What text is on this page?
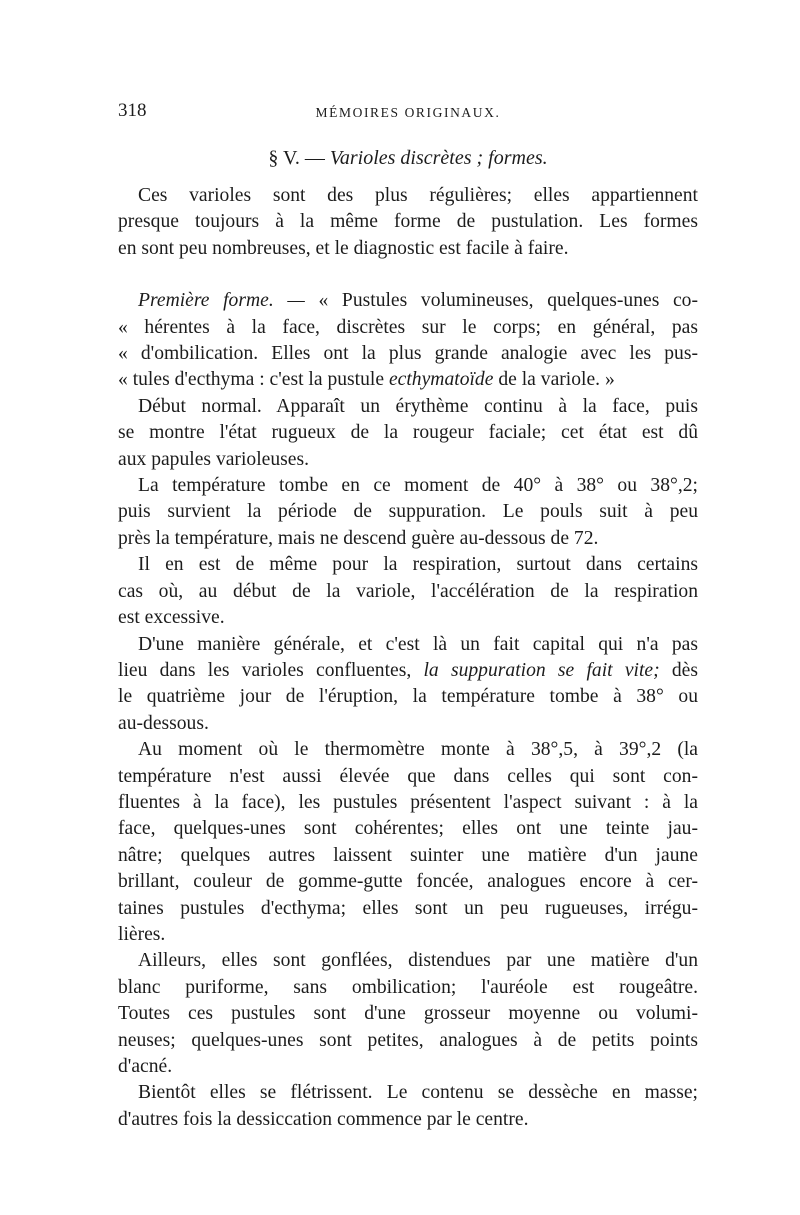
318	MÉMOIRES ORIGINAUX.
§ V. — Varioles discrètes ; formes.
Ces varioles sont des plus régulières; elles appartiennent
presque toujours à la même forme de pustulation. Les formes
en sont peu nombreuses, et le diagnostic est facile à faire.
Première forme. — « Pustules volumineuses, quelques-unes co-
« hérentes à la face, discrètes sur le corps; en général, pas
« d'ombilication. Elles ont la plus grande analogie avec les pus-
« tules d'ecthyma : c'est la pustule ecthymatoïde de la variole. »
Début normal. Apparaît un érythème continu à la face, puis
se montre l'état rugueux de la rougeur faciale; cet état est dû
aux papules varioleuses.
La température tombe en ce moment de 40° à 38° ou 38°,2;
puis survient la période de suppuration. Le pouls suit à peu
près la température, mais ne descend guère au-dessous de 72.
Il en est de même pour la respiration, surtout dans certains
cas où, au début de la variole, l'accélération de la respiration
est excessive.
D'une manière générale, et c'est là un fait capital qui n'a pas
lieu dans les varioles confluentes, la suppuration se fait vite; dès
le quatrième jour de l'éruption, la température tombe à 38° ou
au-dessous.
Au moment où le thermomètre monte à 38°,5, à 39°,2 (la
température n'est aussi élevée que dans celles qui sont con-
fluentes à la face), les pustules présentent l'aspect suivant : à la
face, quelques-unes sont cohérentes; elles ont une teinte jau-
nâtre; quelques autres laissent suinter une matière d'un jaune
brillant, couleur de gomme-gutte foncée, analogues encore à cer-
taines pustules d'ecthyma; elles sont un peu rugueuses, irrégu-
lières.
Ailleurs, elles sont gonflées, distendues par une matière d'un
blanc puriforme, sans ombilication; l'auréole est rougeâtre.
Toutes ces pustules sont d'une grosseur moyenne ou volumi-
neuses; quelques-unes sont petites, analogues à de petits points
d'acné.
Bientôt elles se flétrissent. Le contenu se dessèche en masse;
d'autres fois la dessiccation commence par le centre.
